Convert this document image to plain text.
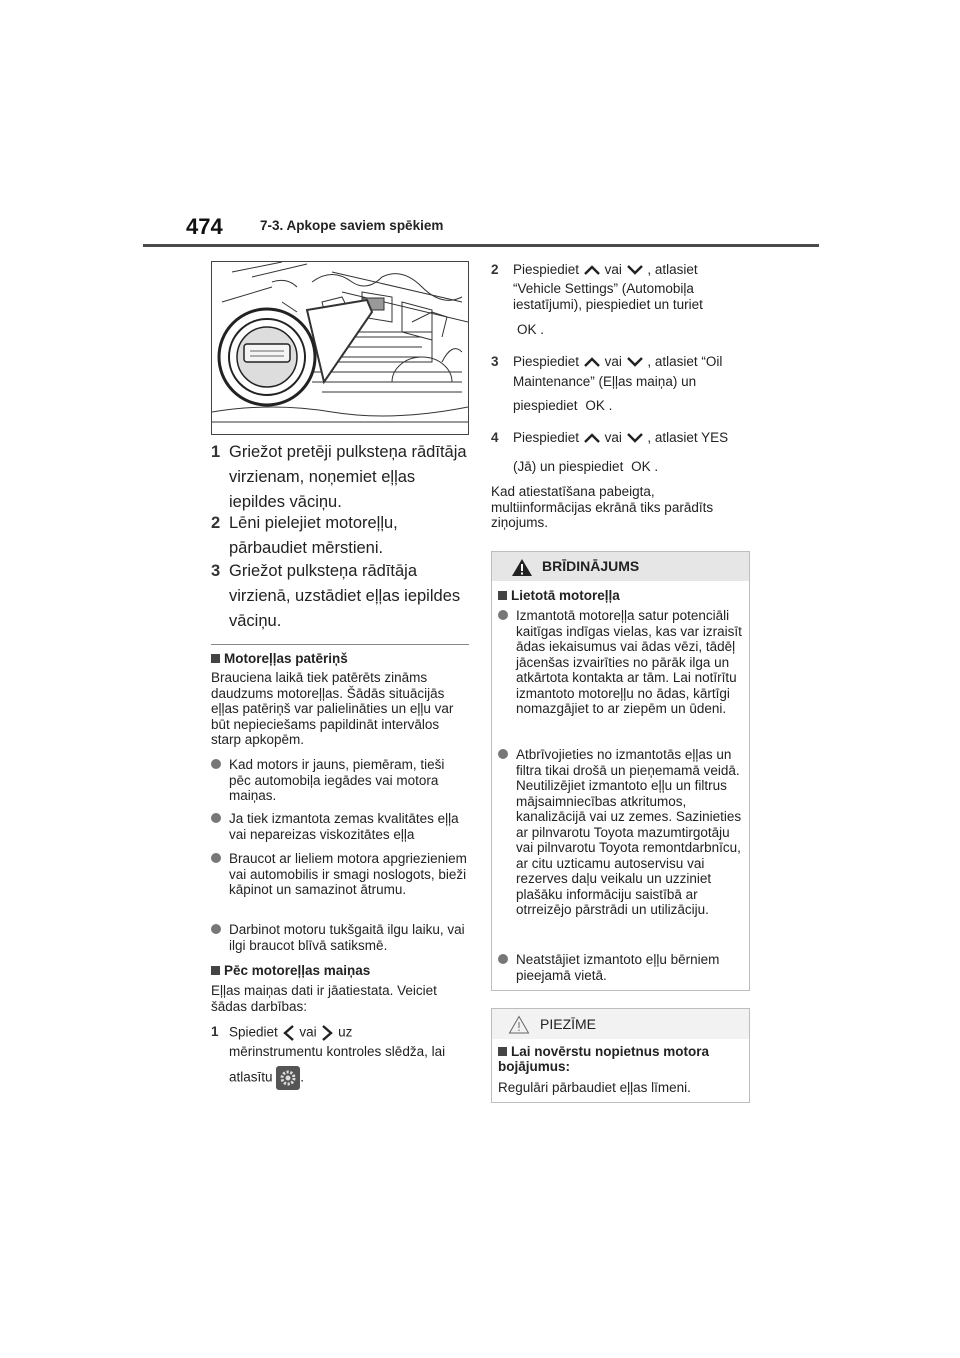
474	7-3. Apkope saviem spēkiem
1 Griežot pretēji pulksteņa rādītāja virzienam, noņemiet eļļas iepildes vāciņu.
2 Lēni pielejiet motoreļļu, pārbaudiet mērstieni.
3 Griežot pulksteņa rādītāja virzienā, uzstādiet eļļas iepildes vāciņu.
Motoreļļas patēriņš
Brauciena laikā tiek patērēts zināms daudzums motoreļļas. Šādās situācijās eļļas patēriņš var palielināties un eļļu var būt nepieciešams papildināt intervālos starp apkopēm.
Kad motors ir jauns, piemēram, tieši pēc automobiļa iegādes vai motora maiņas.
Ja tiek izmantota zemas kvalitātes eļļa vai nepareizas viskozitātes eļļa
Braucot ar lieliem motora apgriezieniem vai automobilis ir smagi noslogots, bieži kāpinot un samazinot ātrumu.
Darbinot motoru tukšgaitā ilgu laiku, vai ilgi braucot blīvā satiksmē.
Pēc motoreļļas maiņas
Eļļas maiņas dati ir jāatiestata. Veiciet šādas darbības:
1 Spiediet vai uz
mērinstrumentu kontroles slēdža, lai
atlasītu .
2 Piespiediet vai , atlasiet
“Vehicle Settings” (Automobiļa
iestatījumi), piespiediet un turiet
OK .
3 Piespiediet vai , atlasiet “Oil
Maintenance” (Eļļas maiņa) un
piespiediet OK .
4 Piespiediet vai , atlasiet YES
(Jā) un piespiediet OK .
Kad atiestatīšana pabeigta, multiinformācijas ekrānā tiks parādīts ziņojums.
BRĪDINĀJUMS
Lietotā motoreļļa
Izmantotā motoreļļa satur potenciāli kaitīgas indīgas vielas, kas var izraisīt ādas iekaisumus vai ādas vēzi, tādēļ jācenšas izvairīties no pārāk ilga un atkārtota kontakta ar tām. Lai notīrītu izmantoto motoreļļu no ādas, kārtīgi nomazgājiet to ar ziepēm un ūdeni.
Atbrīvojieties no izmantotās eļļas un filtra tikai drošā un pieņemamā veidā. Neutilizējiet izmantoto eļļu un filtrus mājsaimniecības atkritumos, kanalizācijā vai uz zemes. Sazinieties ar pilnvarotu Toyota mazumtirgotāju vai pilnvarotu Toyota remontdarbnīcu, ar citu uzticamu autoservisu vai rezerves daļu veikalu un uzziniet plašāku informāciju saistībā ar otrreizējo pārstrādi un utilizāciju.
Neatstājiet izmantoto eļļu bērniem pieejamā vietā.
PIEZĪME
Lai novērstu nopietnus motora bojājumus:
Regulāri pārbaudiet eļļas līmeni.
